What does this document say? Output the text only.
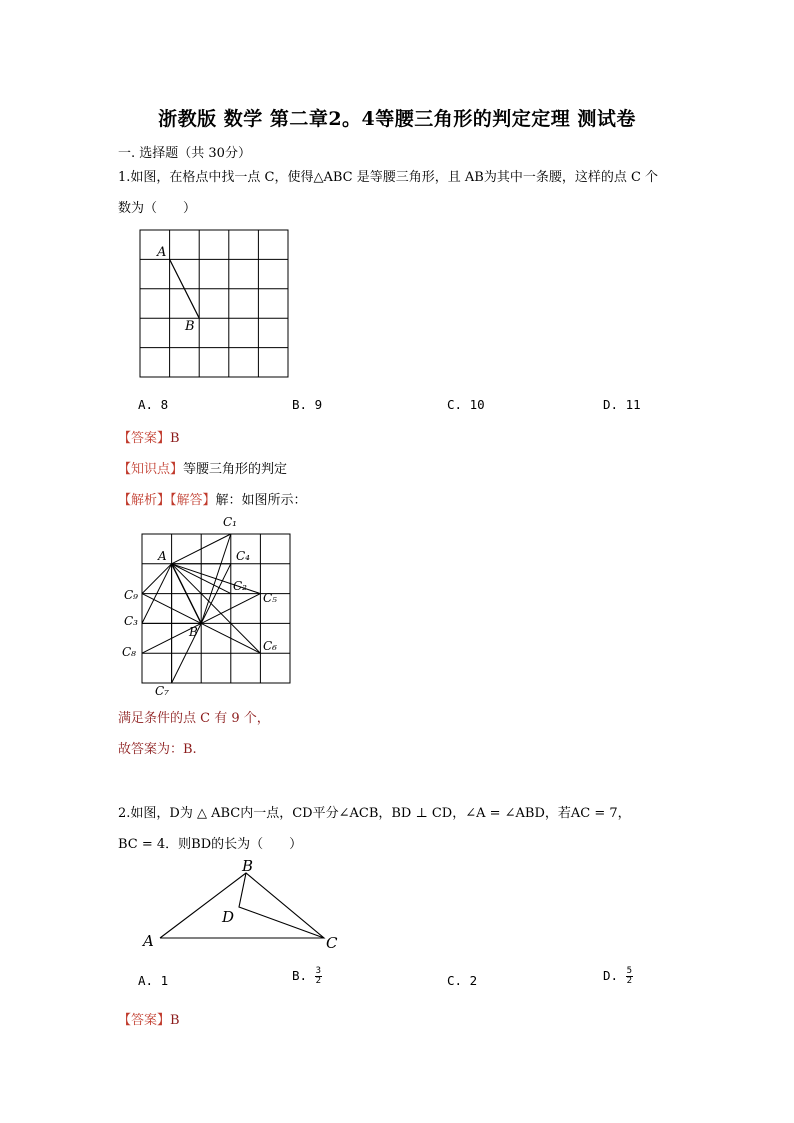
浙教版 数学 第二章2。4等腰三角形的判定定理 测试卷
一. 选择题（共 30分）
1.如图，在格点中找一点 C，使得△ABC 是等腰三角形，且 AB为其中一条腰，这样的点 C 个
数为（　　）
A
B
A. 8	B. 9	C. 10	D. 11
【答案】B
【知识点】等腰三角形的判定
【解析】【解答】解：如图所示：
C₁
A	C₄
C₂
C₅
C₉
C₃
B
C₆
C₈
C₇
满足条件的点 C 有 9 个，
故答案为：B.
2.如图，D为 △ ABC内一点，CD平分∠ACB，BD ⊥ CD，∠A = ∠ABD，若AC = 7，
BC = 4．则BD的长为（　　）
A
B
D
C
A. 1	B. $\frac{3}{2}$	C. 2	D. $\frac{5}{2}$
【答案】B
